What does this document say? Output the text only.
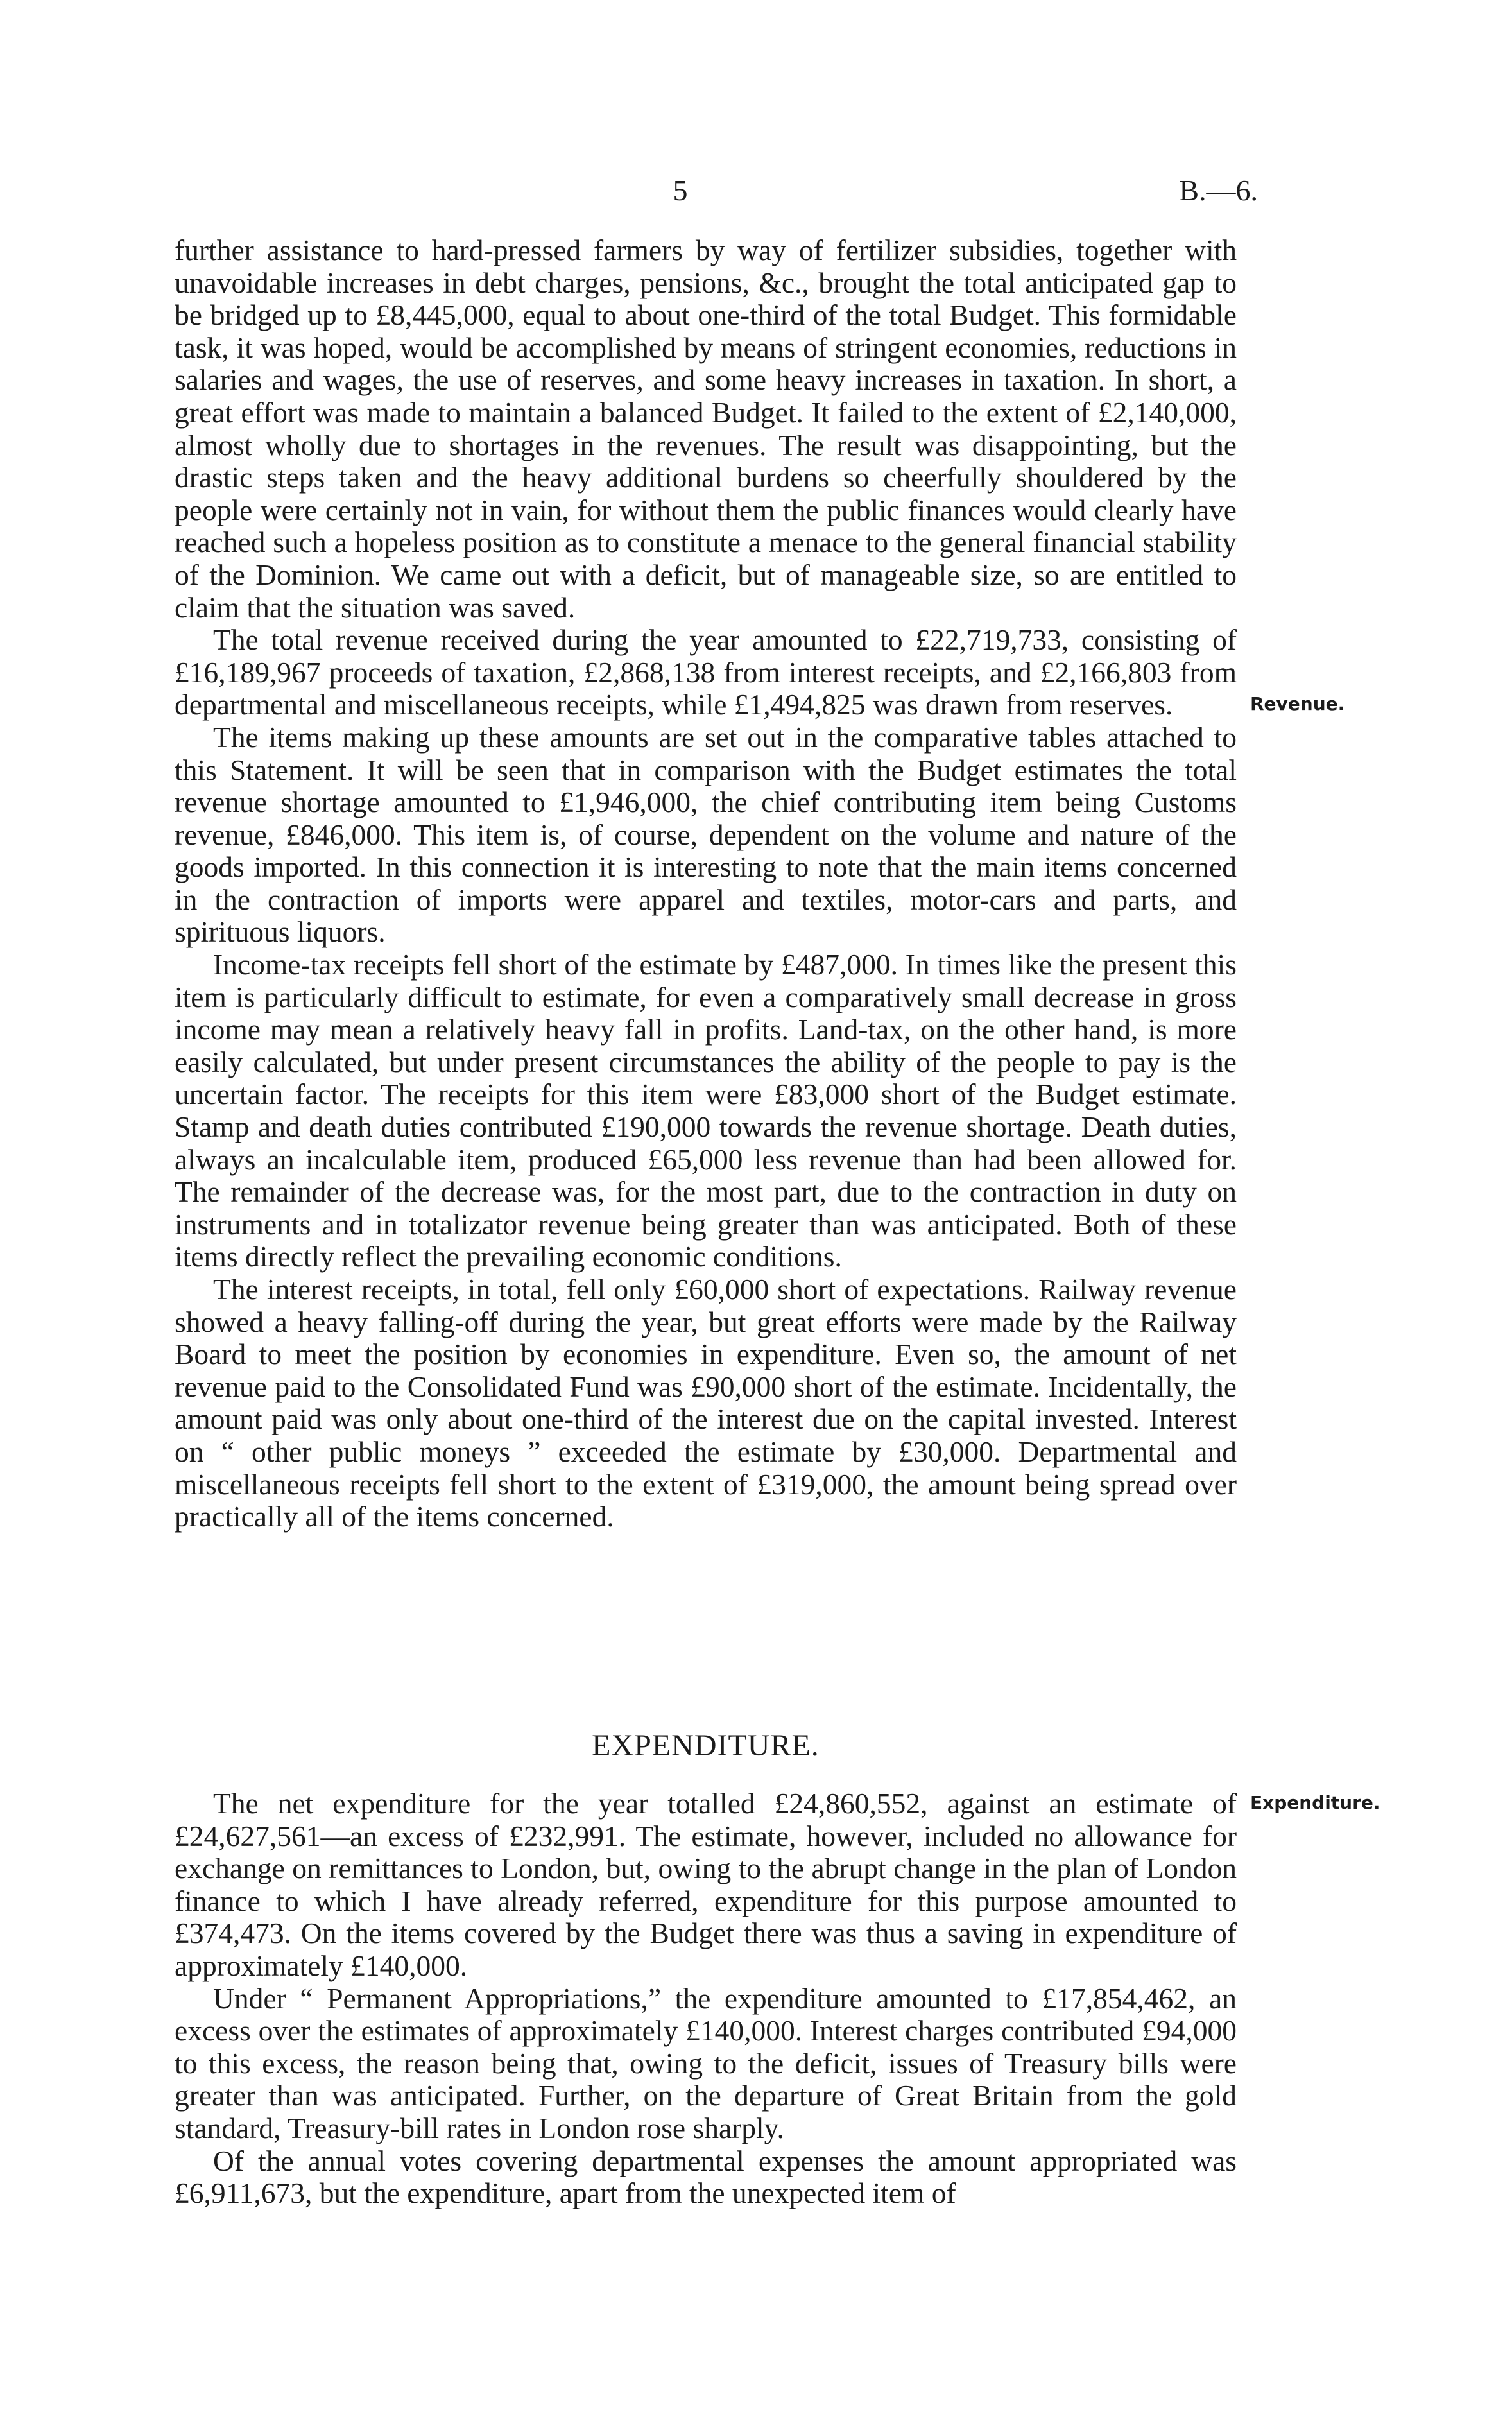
5	B.—6.

further assistance to hard-pressed farmers by way of fertilizer subsidies, together with unavoidable increases in debt charges, pensions, &c., brought the total anticipated gap to be bridged up to £8,445,000, equal to about one-third of the total Budget. This formidable task, it was hoped, would be accomplished by means of stringent economies, reductions in salaries and wages, the use of reserves, and some heavy increases in taxation. In short, a great effort was made to maintain a balanced Budget. It failed to the extent of £2,140,000, almost wholly due to shortages in the revenues. The result was disappointing, but the drastic steps taken and the heavy additional burdens so cheerfully shouldered by the people were certainly not in vain, for without them the public finances would clearly have reached such a hopeless position as to constitute a menace to the general financial stability of the Dominion. We came out with a deficit, but of manageable size, so are entitled to claim that the situation was saved.

The total revenue received during the year amounted to £22,719,733, consisting of £16,189,967 proceeds of taxation, £2,868,138 from interest receipts, and £2,166,803 from departmental and miscellaneous receipts, while £1,494,825 was drawn from reserves.

The items making up these amounts are set out in the comparative tables attached to this Statement. It will be seen that in comparison with the Budget estimates the total revenue shortage amounted to £1,946,000, the chief contributing item being Customs revenue, £846,000. This item is, of course, dependent on the volume and nature of the goods imported. In this connection it is interesting to note that the main items concerned in the contraction of imports were apparel and textiles, motor-cars and parts, and spirituous liquors.

Income-tax receipts fell short of the estimate by £487,000. In times like the present this item is particularly difficult to estimate, for even a comparatively small decrease in gross income may mean a relatively heavy fall in profits. Land-tax, on the other hand, is more easily calculated, but under present circumstances the ability of the people to pay is the uncertain factor. The receipts for this item were £83,000 short of the Budget estimate. Stamp and death duties contributed £190,000 towards the revenue shortage. Death duties, always an incalculable item, produced £65,000 less revenue than had been allowed for. The remainder of the decrease was, for the most part, due to the contraction in duty on instruments and in totalizator revenue being greater than was anticipated. Both of these items directly reflect the prevailing economic conditions.

The interest receipts, in total, fell only £60,000 short of expectations. Railway revenue showed a heavy falling-off during the year, but great efforts were made by the Railway Board to meet the position by economies in expenditure. Even so, the amount of net revenue paid to the Consolidated Fund was £90,000 short of the estimate. Incidentally, the amount paid was only about one-third of the interest due on the capital invested. Interest on “ other public moneys ” exceeded the estimate by £30,000. Departmental and miscellaneous receipts fell short to the extent of £319,000, the amount being spread over practically all of the items concerned.

Revenue.
EXPENDITURE.

The net expenditure for the year totalled £24,860,552, against an estimate of £24,627,561—an excess of £232,991. The estimate, however, included no allowance for exchange on remittances to London, but, owing to the abrupt change in the plan of London finance to which I have already referred, expenditure for this purpose amounted to £374,473. On the items covered by the Budget there was thus a saving in expenditure of approximately £140,000.

Under “ Permanent Appropriations,” the expenditure amounted to £17,854,462, an excess over the estimates of approximately £140,000. Interest charges contributed £94,000 to this excess, the reason being that, owing to the deficit, issues of Treasury bills were greater than was anticipated. Further, on the departure of Great Britain from the gold standard, Treasury-bill rates in London rose sharply.

Of the annual votes covering departmental expenses the amount appropriated was £6,911,673, but the expenditure, apart from the unexpected item of

Expenditure.
